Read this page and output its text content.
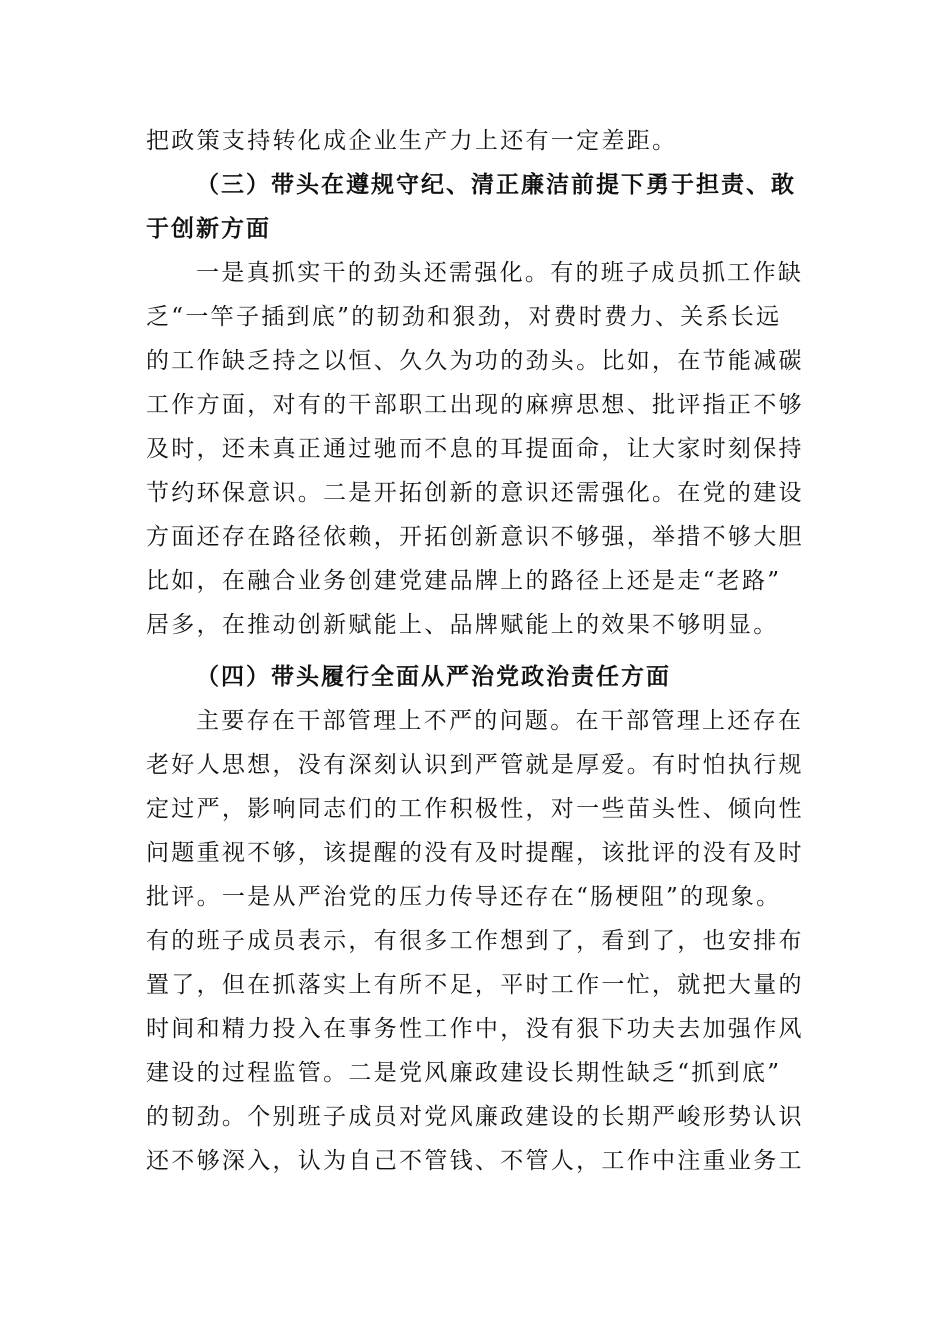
把政策支持转化成企业生产力上还有一定差距。
（三）带头在遵规守纪、清正廉洁前提下勇于担责、敢
于创新方面
一是真抓实干的劲头还需强化。有的班子成员抓工作缺
乏“一竿子插到底”的韧劲和狠劲，对费时费力、关系长远
的工作缺乏持之以恒、久久为功的劲头。比如，在节能减碳
工作方面，对有的干部职工出现的麻痹思想、批评指正不够
及时，还未真正通过驰而不息的耳提面命，让大家时刻保持
节约环保意识。二是开拓创新的意识还需强化。在党的建设
方面还存在路径依赖，开拓创新意识不够强，举措不够大胆
比如，在融合业务创建党建品牌上的路径上还是走“老路”
居多，在推动创新赋能上、品牌赋能上的效果不够明显。
（四）带头履行全面从严治党政治责任方面
主要存在干部管理上不严的问题。在干部管理上还存在
老好人思想，没有深刻认识到严管就是厚爱。有时怕执行规
定过严，影响同志们的工作积极性，对一些苗头性、倾向性
问题重视不够，该提醒的没有及时提醒，该批评的没有及时
批评。一是从严治党的压力传导还存在“肠梗阻”的现象。
有的班子成员表示，有很多工作想到了，看到了，也安排布
置了，但在抓落实上有所不足，平时工作一忙，就把大量的
时间和精力投入在事务性工作中，没有狠下功夫去加强作风
建设的过程监管。二是党风廉政建设长期性缺乏“抓到底”
的韧劲。个别班子成员对党风廉政建设的长期严峻形势认识
还不够深入，认为自己不管钱、不管人，工作中注重业务工
